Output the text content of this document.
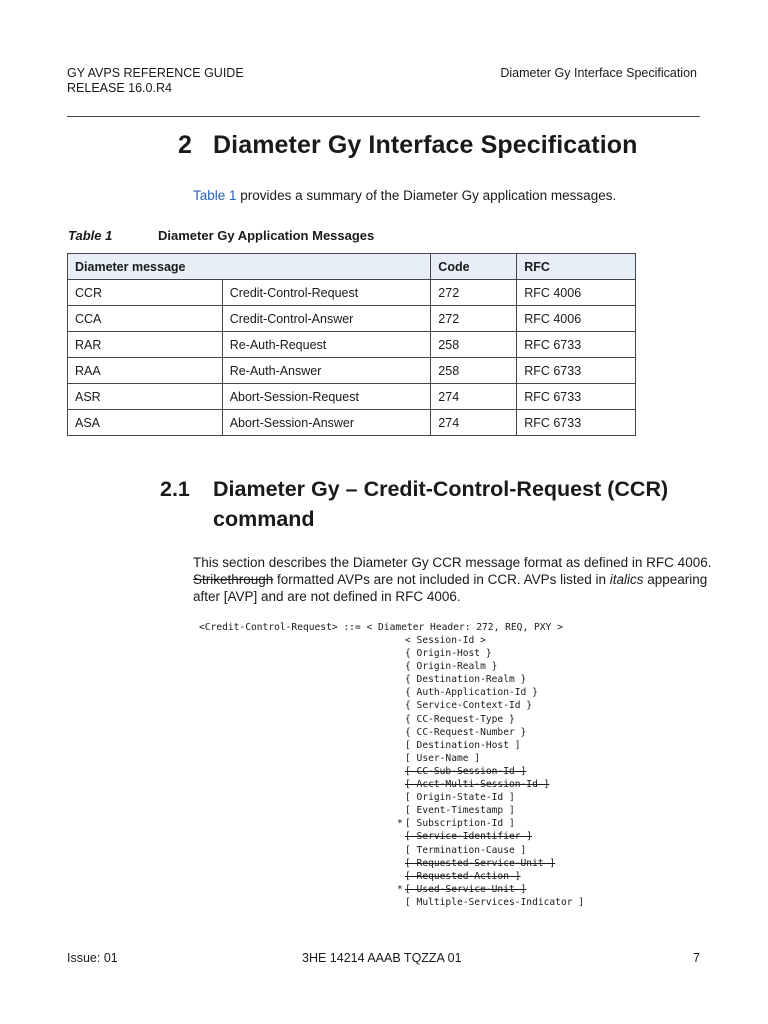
GY AVPS REFERENCE GUIDE
RELEASE 16.0.R4
Diameter Gy Interface Specification
2 Diameter Gy Interface Specification
Table 1 provides a summary of the Diameter Gy application messages.
Table 1	Diameter Gy Application Messages
Diameter message		Code	RFC
CCR	Credit-Control-Request	272	RFC 4006
CCA	Credit-Control-Answer	272	RFC 4006
RAR	Re-Auth-Request	258	RFC 6733
RAA	Re-Auth-Answer	258	RFC 6733
ASR	Abort-Session-Request	274	RFC 6733
ASA	Abort-Session-Answer	274	RFC 6733
2.1 Diameter Gy – Credit-Control-Request (CCR) command
This section describes the Diameter Gy CCR message format as defined in RFC 4006. Strikethrough formatted AVPs are not included in CCR. AVPs listed in italics appearing after [AVP] and are not defined in RFC 4006.
<Credit-Control-Request> ::= < Diameter Header: 272, REQ, PXY >
< Session-Id >
{ Origin-Host }
{ Origin-Realm }
{ Destination-Realm }
{ Auth-Application-Id }
{ Service-Context-Id }
{ CC-Request-Type }
{ CC-Request-Number }
[ Destination-Host ]
[ User-Name ]
[ CC-Sub-Session-Id ]
[ Acct-Multi-Session-Id ]
[ Origin-State-Id ]
[ Event-Timestamp ]
* [ Subscription-Id ]
[ Service-Identifier ]
[ Termination-Cause ]
[ Requested-Service-Unit ]
[ Requested-Action ]
* [ Used-Service-Unit ]
[ Multiple-Services-Indicator ]
Issue: 01	3HE 14214 AAAB TQZZA 01	7
